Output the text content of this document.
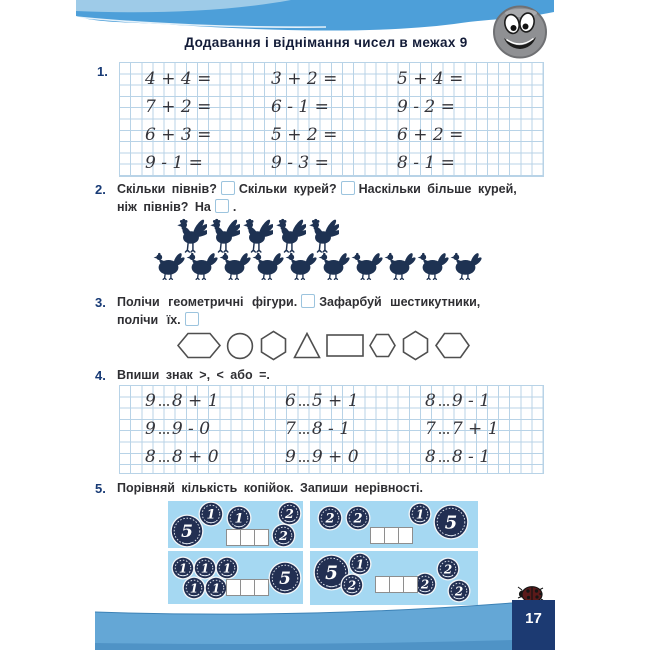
Додавання і віднімання чисел в межах 9
1. 4 + 4 =	3 + 2 =	5 + 4 =
7 + 2 =	6 - 1 =	9 - 2 =
6 + 3 =	5 + 2 =	6 + 2 =
9 - 1 =	9 - 3 =	8 - 1 =
2. Скільки півнів? Скільки курей? Наскільки більше курей,
ніж півнів? На .
3. Полічи геометричні фігури. Зафарбуй шестикутники,
полічи їх.
4. Впиши знак >, < або =.
9 8 + 1	6 5 + 1	8 9 - 1
9 9 - 0	7 8 - 1	7 7 + 1
8 8 + 0	9 9 + 0	8 8 - 1
5. Порівняй кількість копійок. Запиши нерівності.
5
1 1	2
2
2 2	1 5
1 1 1
1 1	5 5 1
2
2
2 2
17
